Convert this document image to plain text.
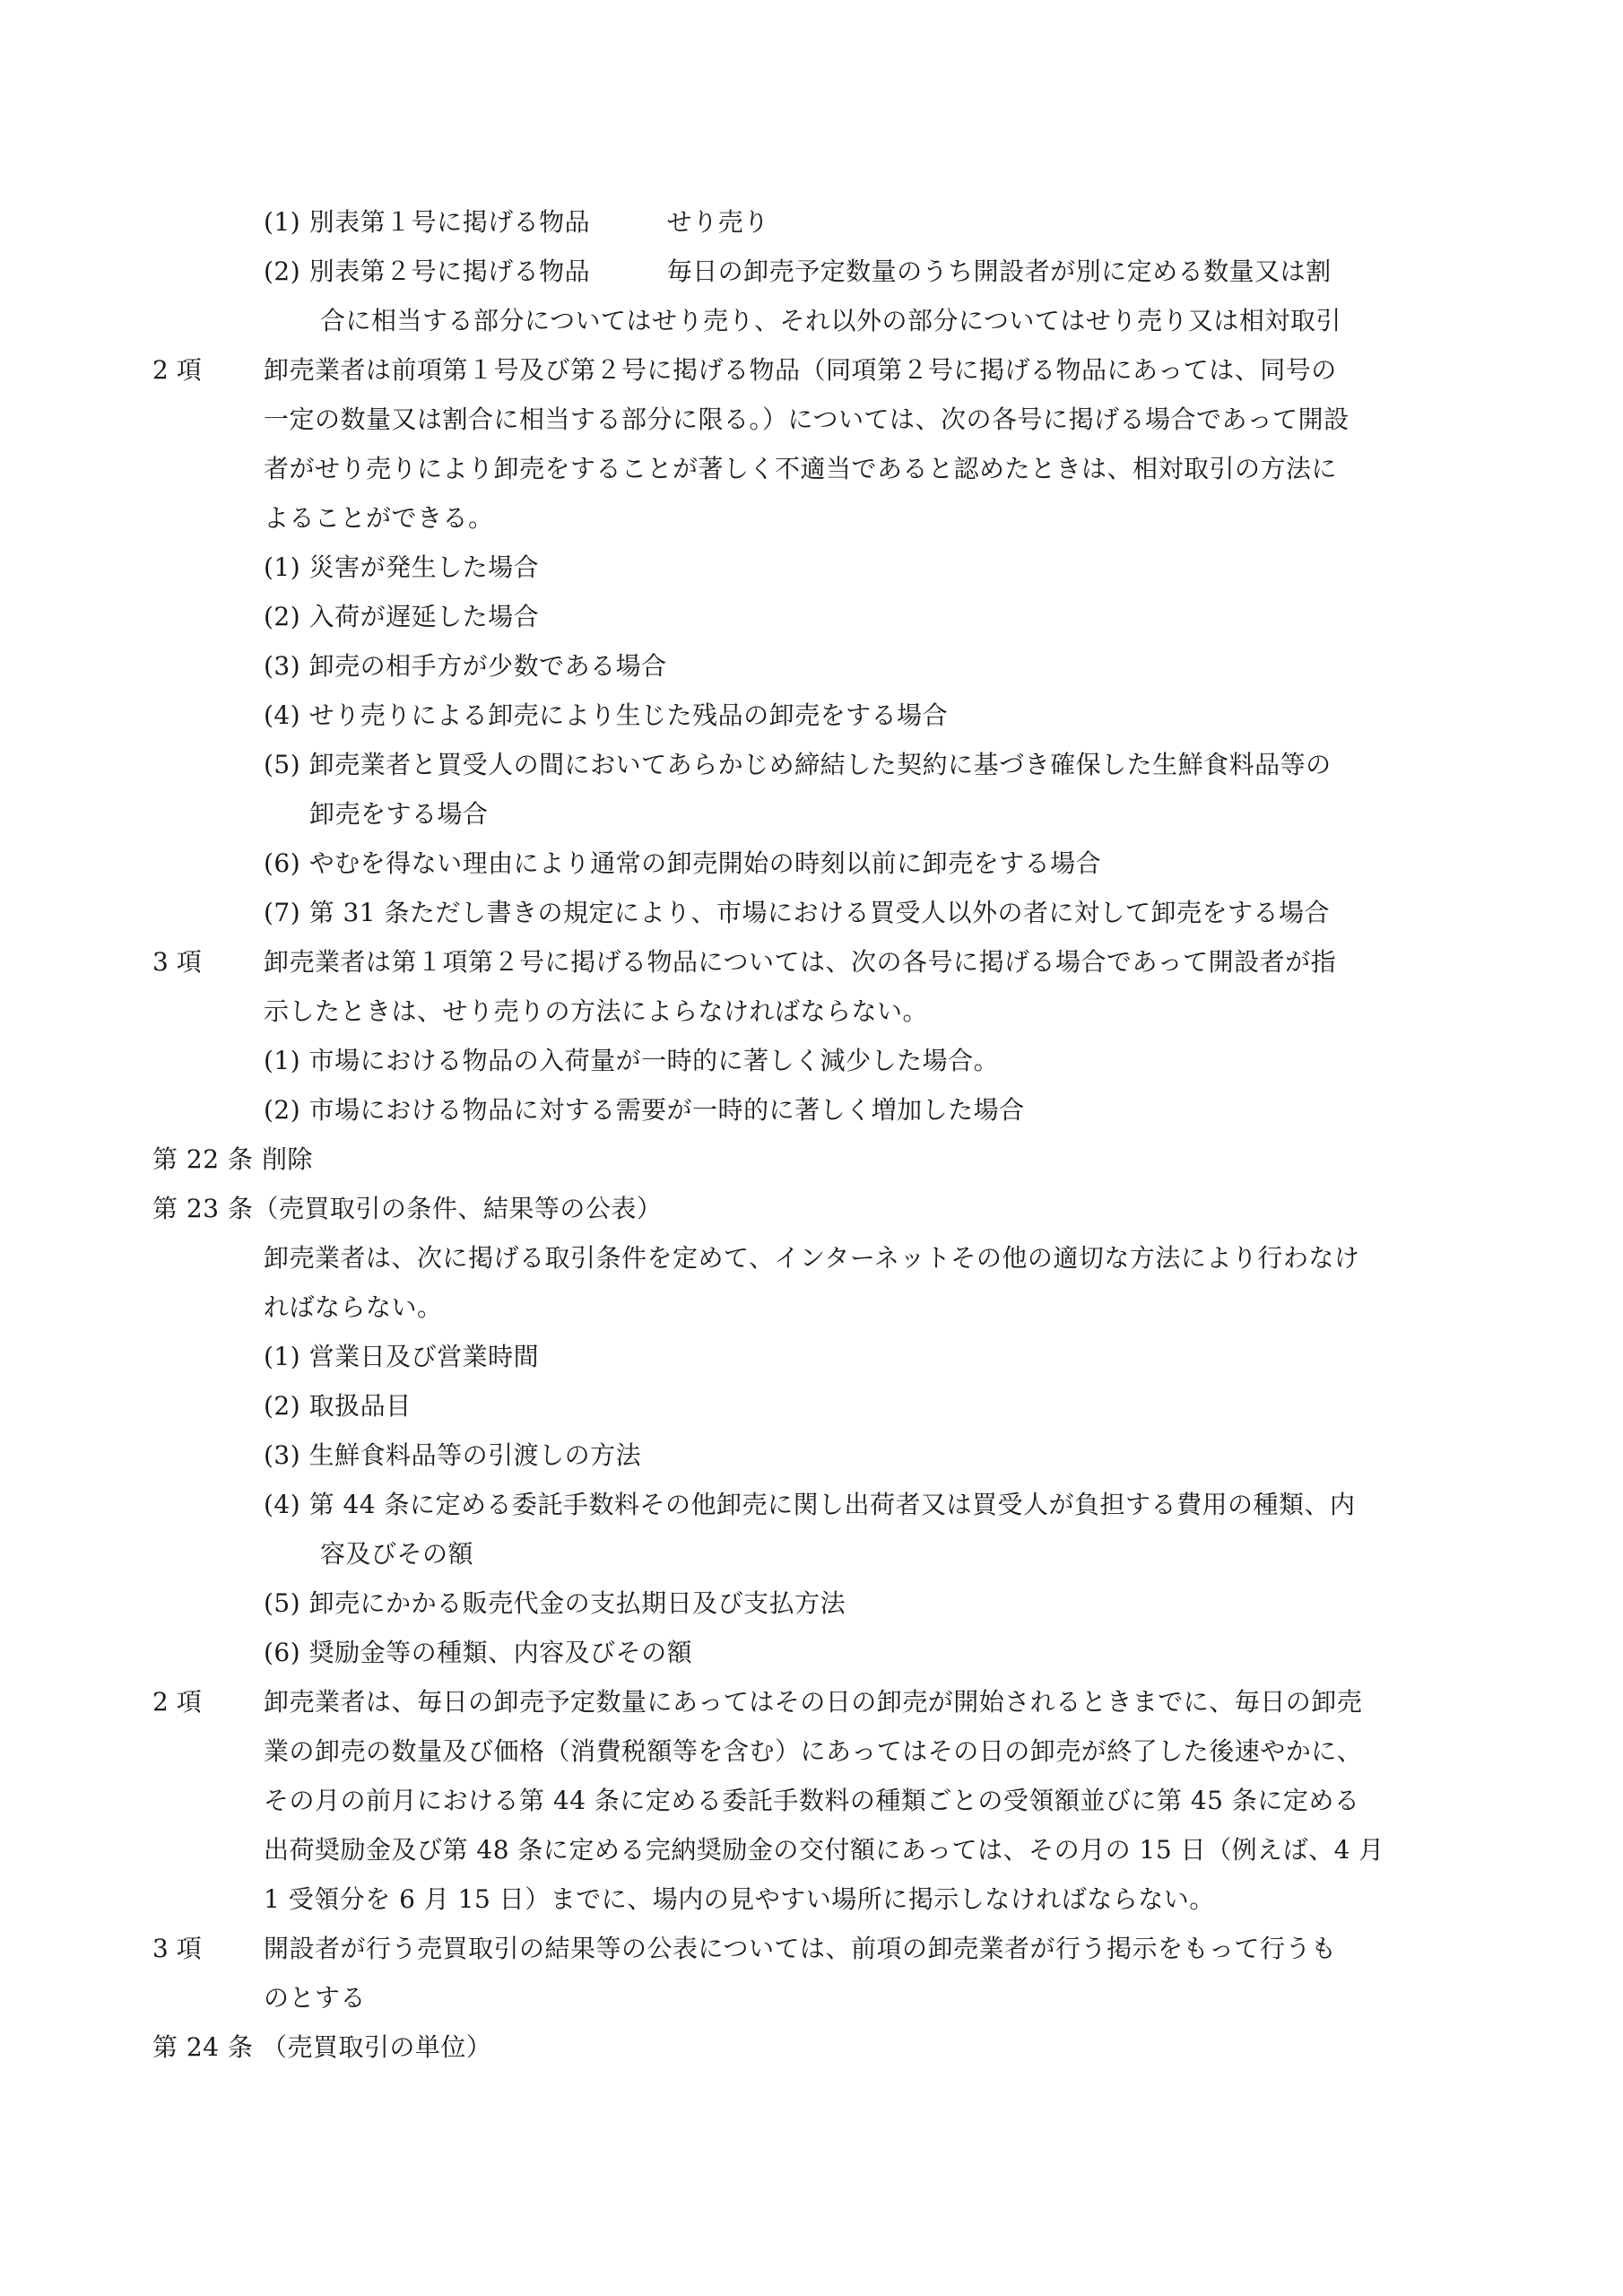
2 項
3 項
2 項
3 項
(1) 別表第１号に掲げる物品　　　せり売り
(2) 別表第２号に掲げる物品　　　毎日の卸売予定数量のうち開設者が別に定める数量又は割
合に相当する部分についてはせり売り、それ以外の部分についてはせり売り又は相対取引
卸売業者は前項第１号及び第２号に掲げる物品（同項第２号に掲げる物品にあっては、同号の
一定の数量又は割合に相当する部分に限る。）については、次の各号に掲げる場合であって開設
者がせり売りにより卸売をすることが著しく不適当であると認めたときは、相対取引の方法に
よることができる。
(1) 災害が発生した場合
(2) 入荷が遅延した場合
(3) 卸売の相手方が少数である場合
(4) せり売りによる卸売により生じた残品の卸売をする場合
(5) 卸売業者と買受人の間においてあらかじめ締結した契約に基づき確保した生鮮食料品等の
卸売をする場合
(6) やむを得ない理由により通常の卸売開始の時刻以前に卸売をする場合
(7) 第 31 条ただし書きの規定により、市場における買受人以外の者に対して卸売をする場合
卸売業者は第１項第２号に掲げる物品については、次の各号に掲げる場合であって開設者が指
示したときは、せり売りの方法によらなければならない。
(1) 市場における物品の入荷量が一時的に著しく減少した場合。
(2) 市場における物品に対する需要が一時的に著しく増加した場合
第 22 条 削除
第 23 条（売買取引の条件、結果等の公表）
卸売業者は、次に掲げる取引条件を定めて、インターネットその他の適切な方法により行わなけ
ればならない。
(1) 営業日及び営業時間
(2) 取扱品目
(3) 生鮮食料品等の引渡しの方法
(4) 第 44 条に定める委託手数料その他卸売に関し出荷者又は買受人が負担する費用の種類、内
容及びその額
(5) 卸売にかかる販売代金の支払期日及び支払方法
(6) 奨励金等の種類、内容及びその額
卸売業者は、毎日の卸売予定数量にあってはその日の卸売が開始されるときまでに、毎日の卸売
業の卸売の数量及び価格（消費税額等を含む）にあってはその日の卸売が終了した後速やかに、
その月の前月における第 44 条に定める委託手数料の種類ごとの受領額並びに第 45 条に定める
出荷奨励金及び第 48 条に定める完納奨励金の交付額にあっては、その月の 15 日（例えば、4 月
1 受領分を 6 月 15 日）までに、場内の見やすい場所に掲示しなければならない。
開設者が行う売買取引の結果等の公表については、前項の卸売業者が行う掲示をもって行うも
のとする
第 24 条 （売買取引の単位）
